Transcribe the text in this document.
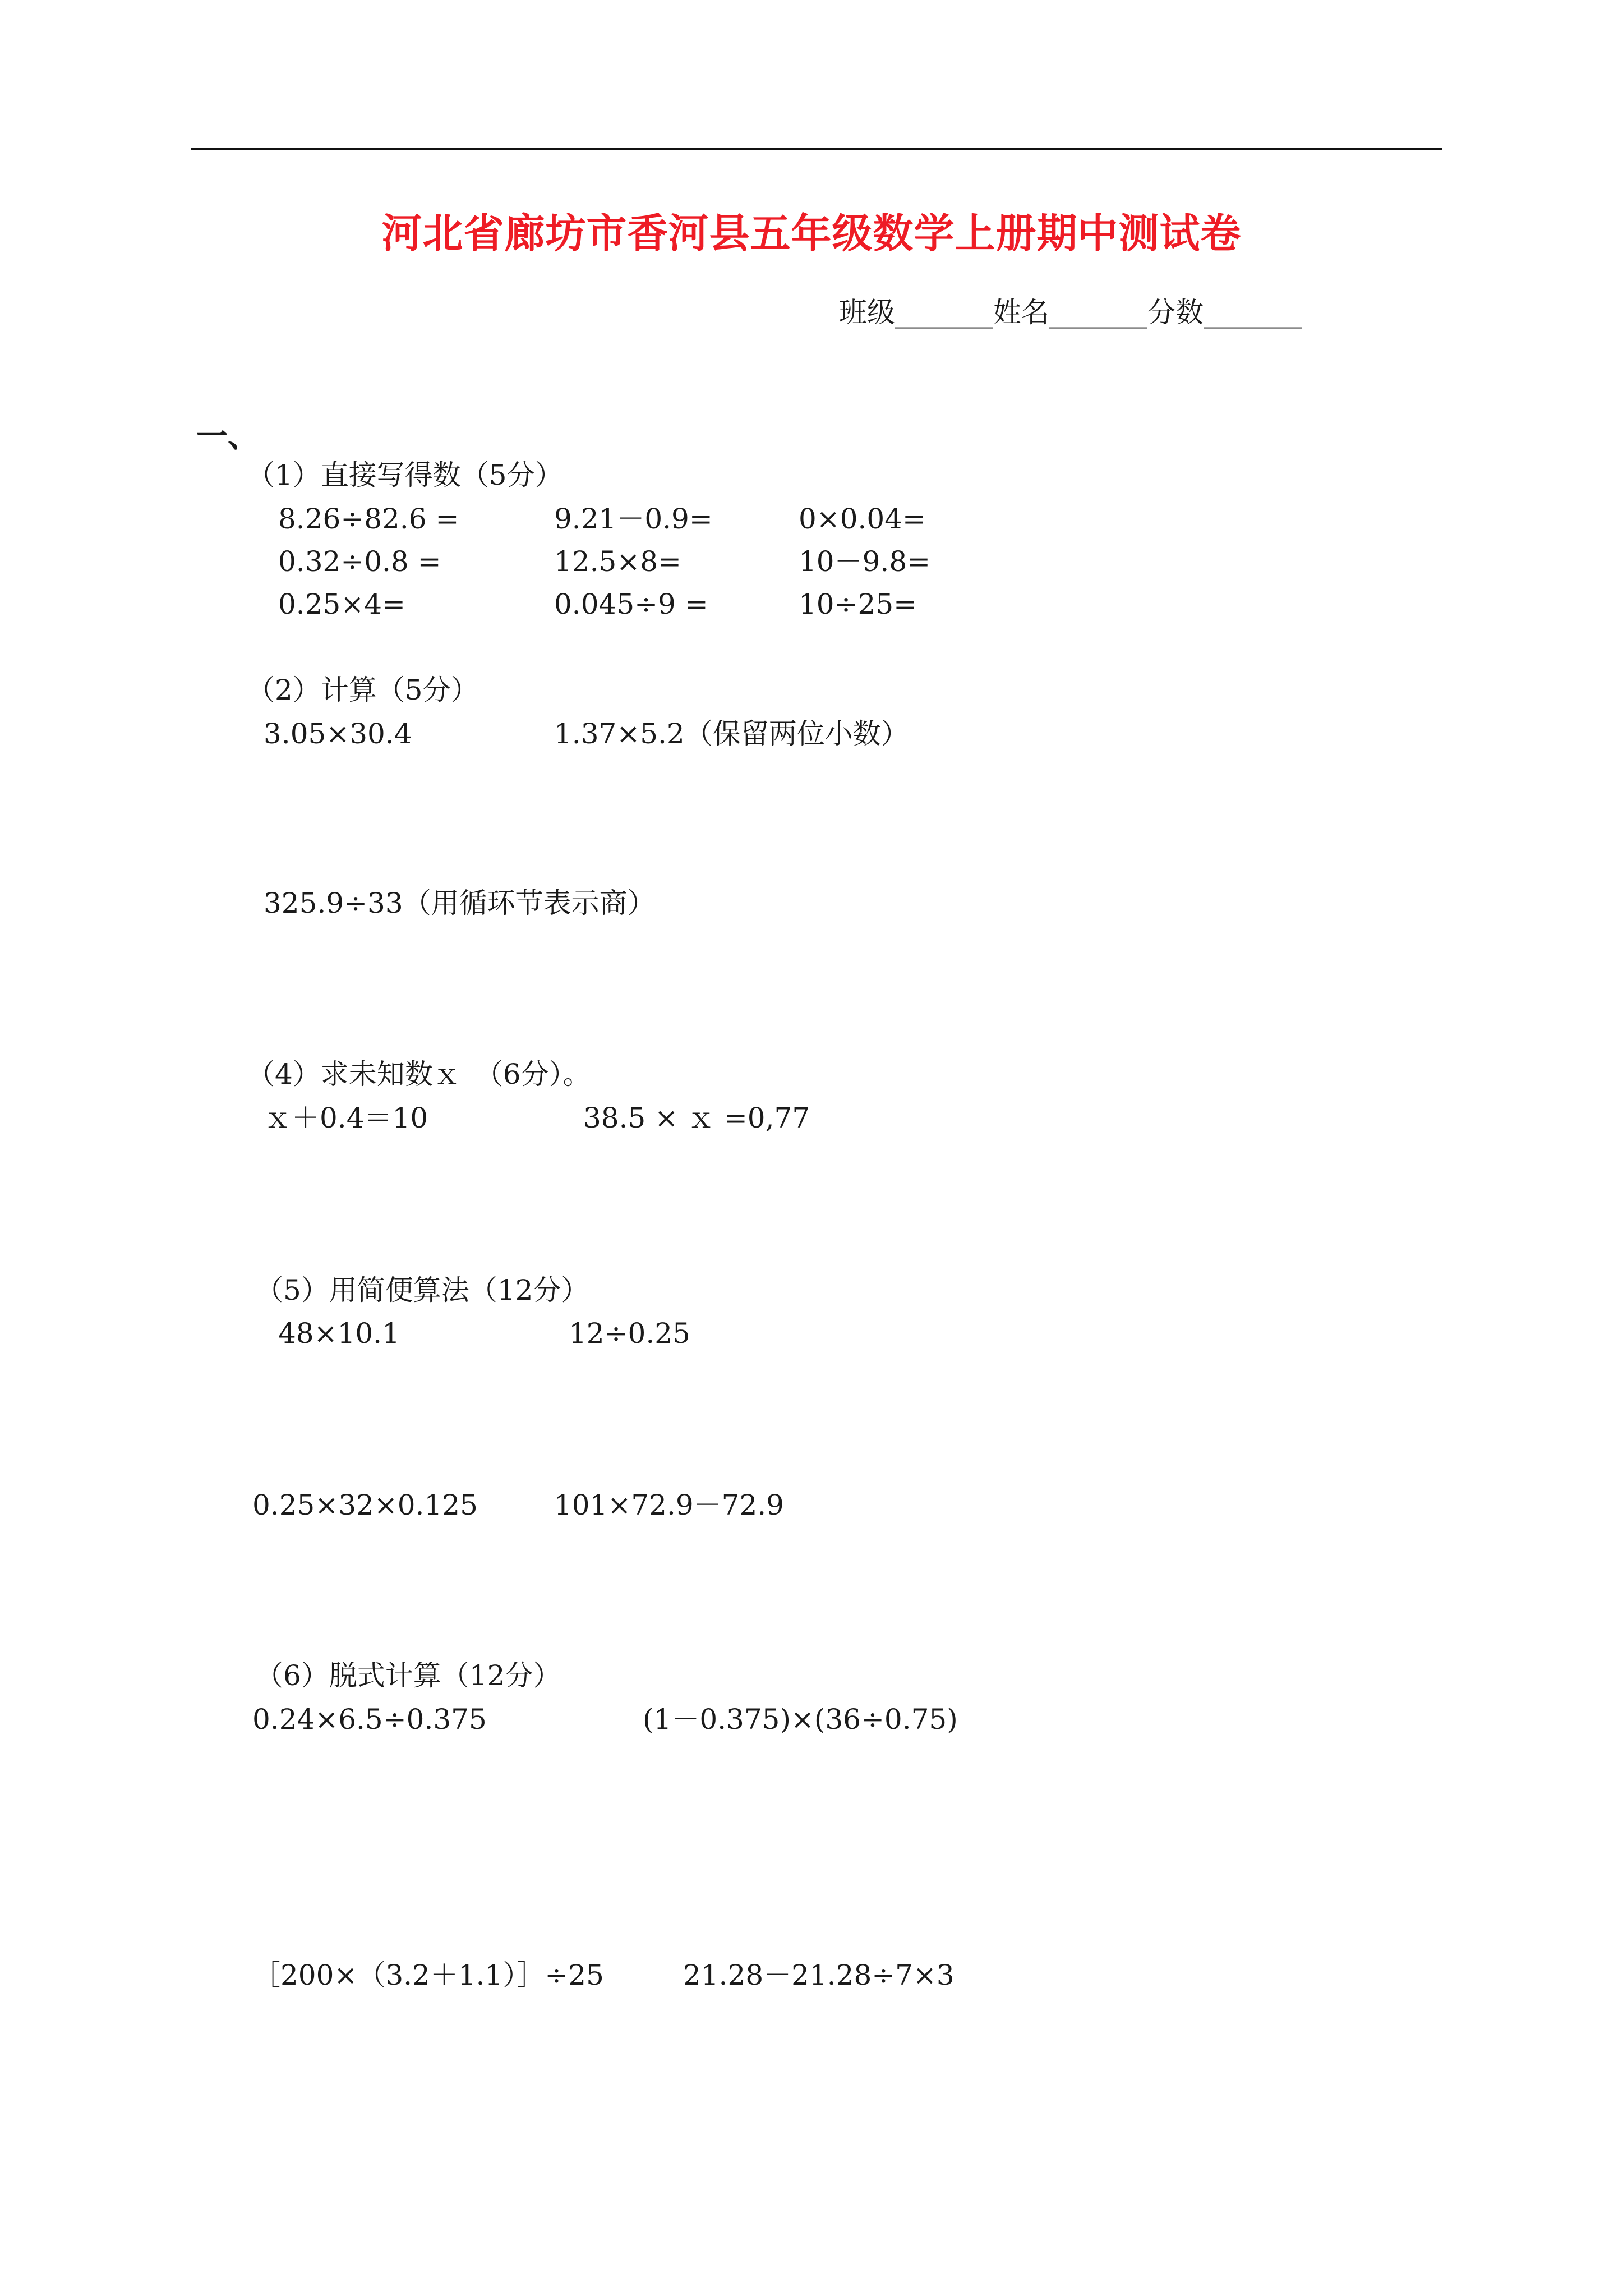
河北省廊坊市香河县五年级数学上册期中测试卷
班级_______姓名_______分数_______
一、
（1）直接写得数（5分）
8.26÷82.6 =	9.21－0.9=	0×0.04=
0.32÷0.8 =	12.5×8=	10－9.8=
0.25×4=	0.045÷9 =	10÷25=
（2）计算（5分）
3.05×30.4	1.37×5.2（保留两位小数）
325.9÷33（用循环节表示商）
（4）求未知数ｘ　（6分）。
ｘ＋0.4＝10	38.5 × ｘ =0,77
（5）用简便算法（12分）
48×10.1	12÷0.25
0.25×32×0.125	101×72.9－72.9
（6）脱式计算（12分）
0.24×6.5÷0.375	(1－0.375)×(36÷0.75)
［200×（3.2＋1.1）］÷25	21.28－21.28÷7×3
